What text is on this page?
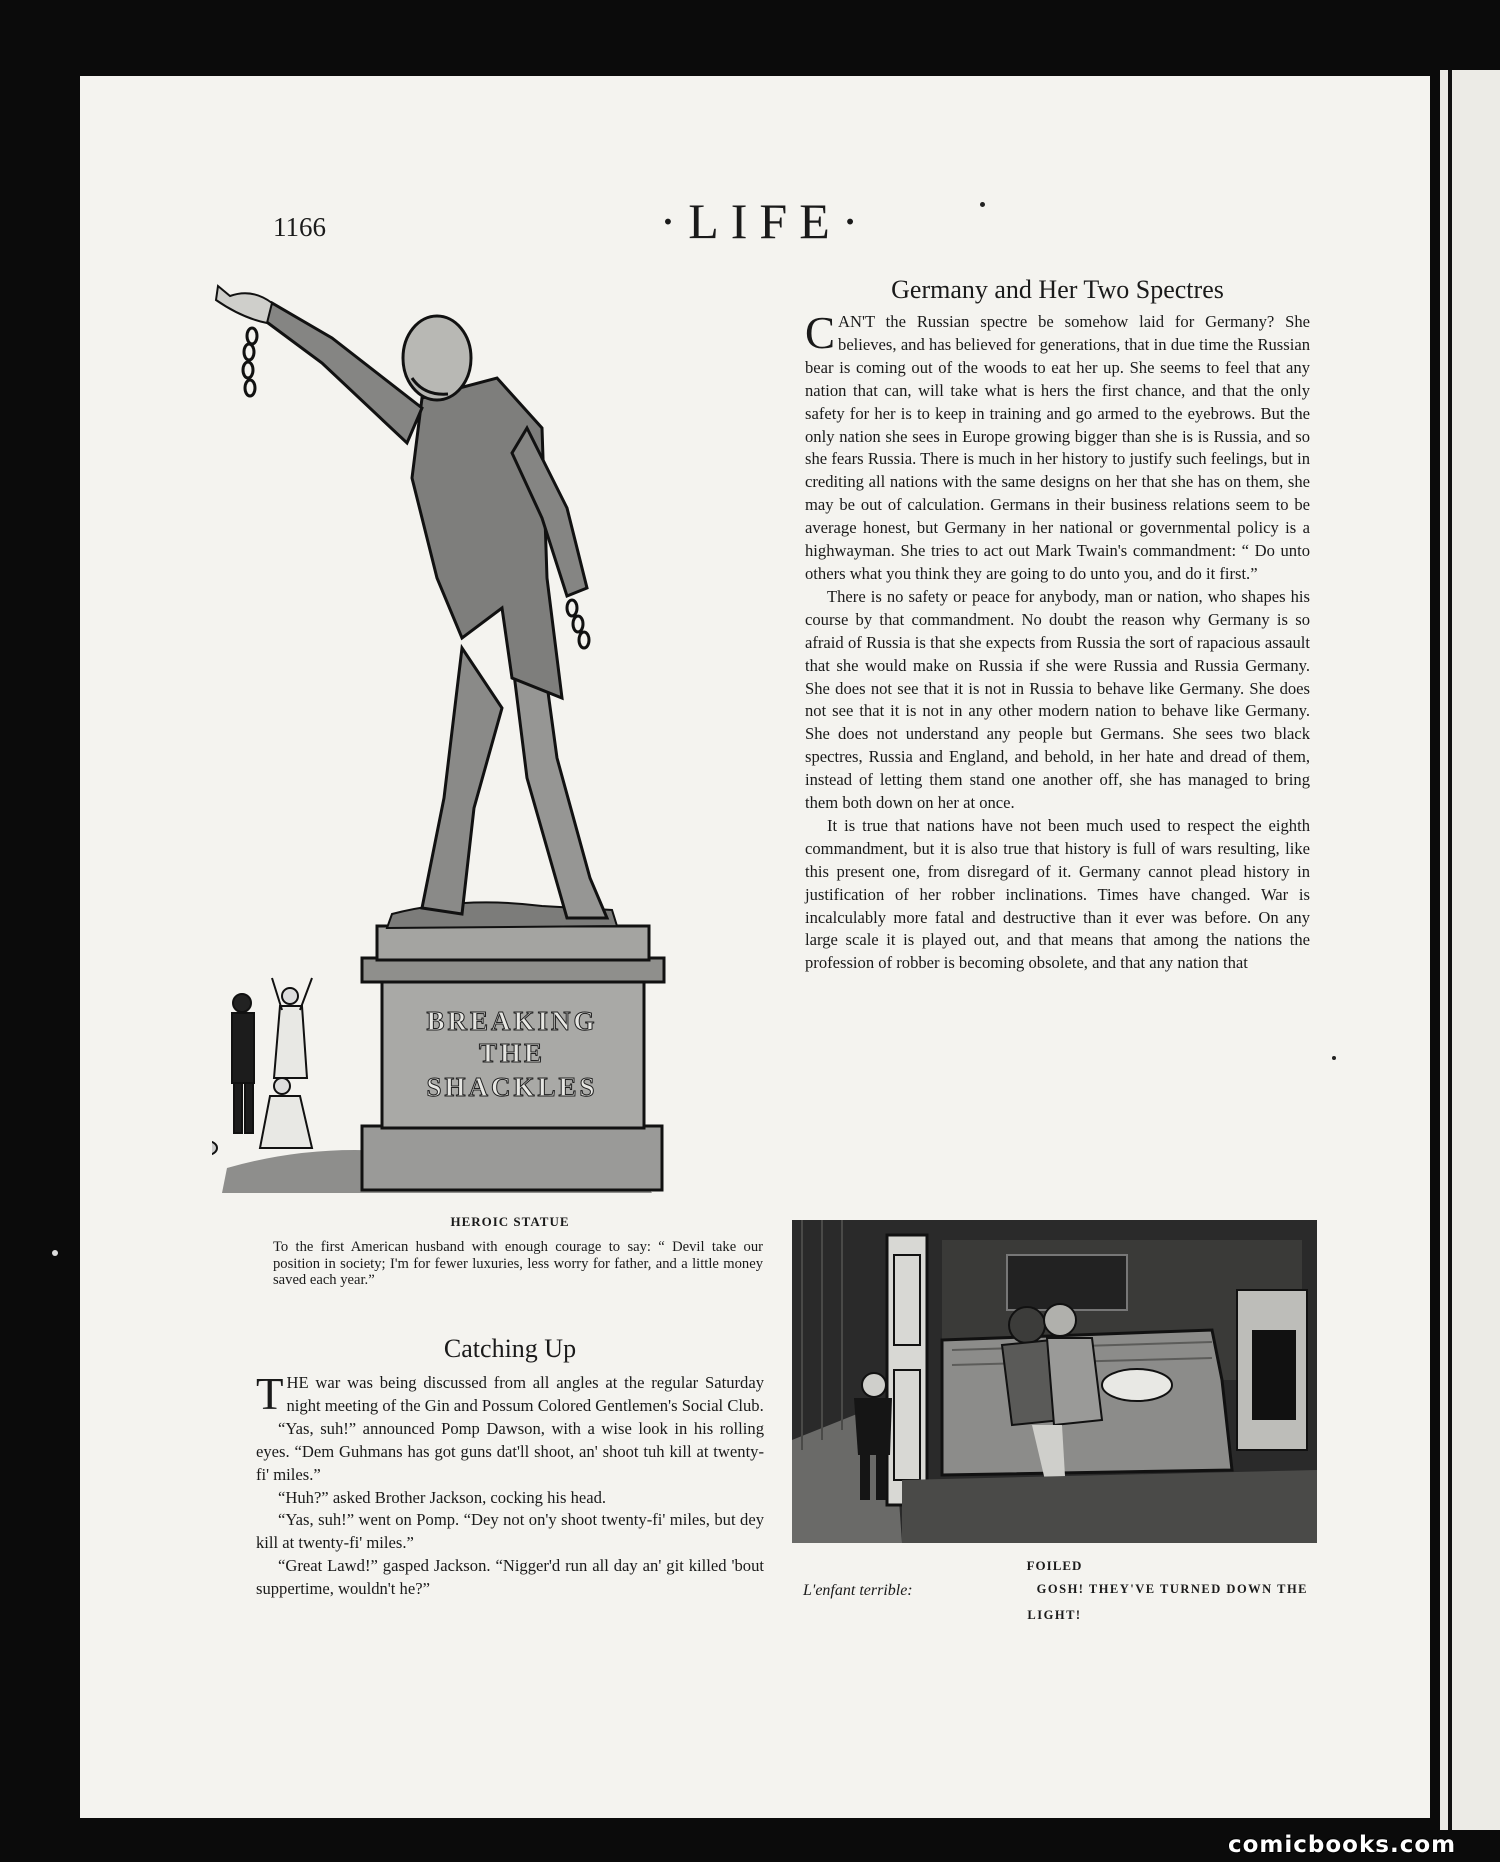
1166	·LIFE·
Germany and Her Two Spectres

CAN'T the Russian spectre be somehow laid for Germany? She believes, and has believed for generations, that in due time the Russian bear is coming out of the woods to eat her up. She seems to feel that any nation that can, will take what is hers the first chance, and that the only safety for her is to keep in training and go armed to the eyebrows. But the only nation she sees in Europe growing bigger than she is is Russia, and so she fears Russia. There is much in her history to justify such feelings, but in crediting all nations with the same designs on her that she has on them, she may be out of calculation. Germans in their business relations seem to be average honest, but Germany in her national or governmental policy is a highwayman. She tries to act out Mark Twain's commandment: “ Do unto others what you think they are going to do unto you, and do it first.”

There is no safety or peace for anybody, man or nation, who shapes his course by that commandment. No doubt the reason why Germany is so afraid of Russia is that she expects from Russia the sort of rapacious assault that she would make on Russia if she were Russia and Russia Germany. She does not see that it is not in Russia to behave like Germany. She does not see that it is not in any other modern nation to behave like Germany. She does not understand any people but Germans. She sees two black spectres, Russia and England, and behold, in her hate and dread of them, instead of letting them stand one another off, she has managed to bring them both down on her at once.

It is true that nations have not been much used to respect the eighth commandment, but it is also true that history is full of wars resulting, like this present one, from disregard of it. Germany cannot plead history in justification of her robber inclinations. Times have changed. War is incalculably more fatal and destructive than it ever was before. On any large scale it is played out, and that means that among the nations the profession of robber is becoming obsolete, and that any nation that

BREAKING
THE
SHACKLES
HEROIC STATUE
To the first American husband with enough courage to say: “ Devil take our position in society; I'm for fewer luxuries, less worry for father, and a little money saved each year.”
Catching Up

THE war was being discussed from all angles at the regular Saturday night meeting of the Gin and Possum Colored Gentlemen's Social Club.

“Yas, suh!” announced Pomp Dawson, with a wise look in his rolling eyes. “Dem Guhmans has got guns dat'll shoot, an' shoot tuh kill at twenty-fi' miles.”

“Huh?” asked Brother Jackson, cocking his head.

“Yas, suh!” went on Pomp. “Dey not on'y shoot twenty-fi' miles, but dey kill at twenty-fi' miles.”

“Great Lawd!” gasped Jackson. “Nigger'd run all day an' git killed 'bout suppertime, wouldn't he?”

FOILED
L'enfant terrible:	GOSH! THEY'VE TURNED DOWN THE
LIGHT!
comicbooks.com
